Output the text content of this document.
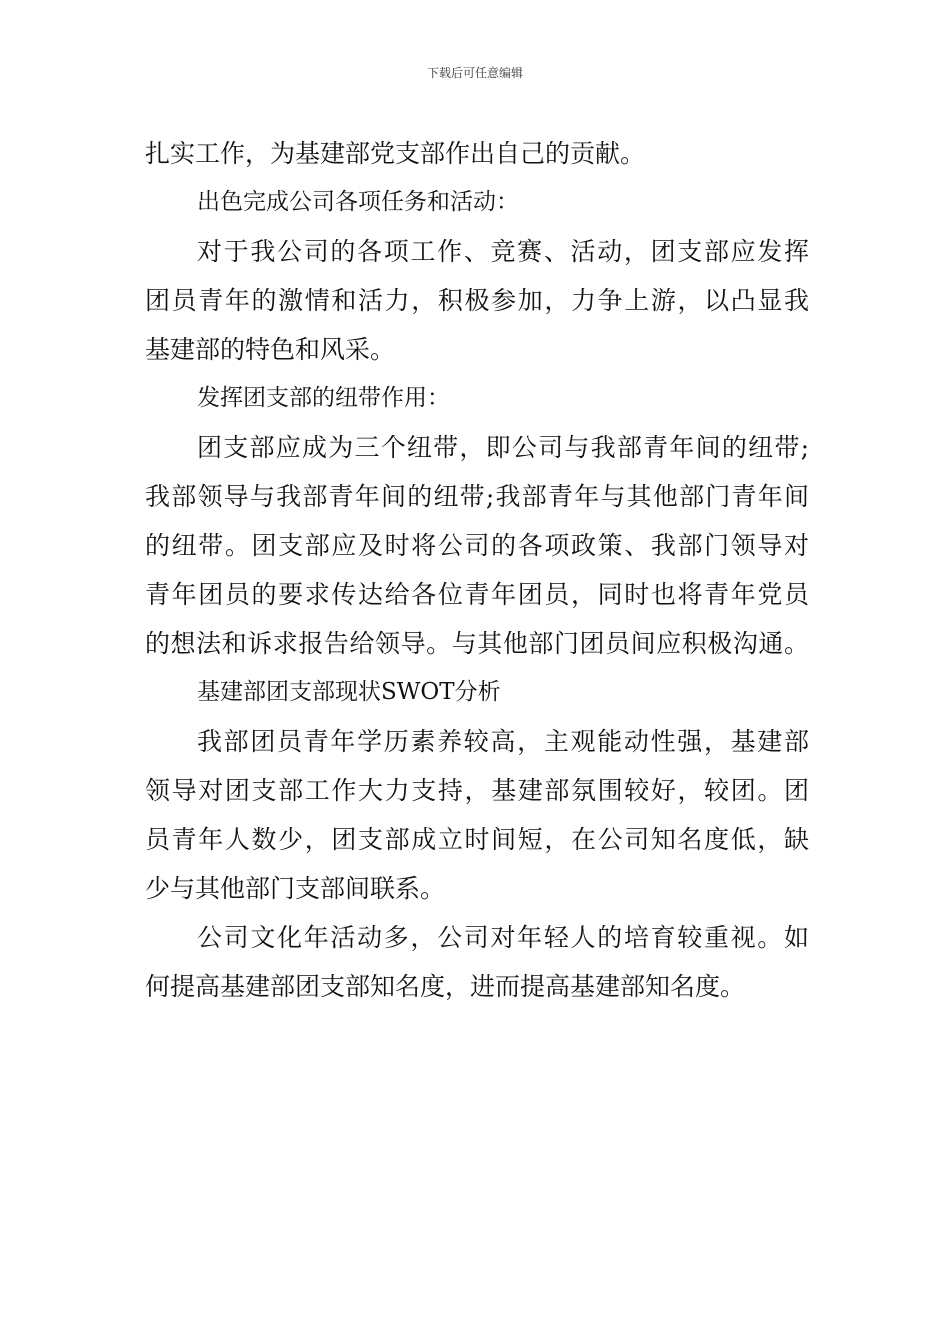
下载后可任意编辑
扎实工作，为基建部党支部作出自己的贡献。
出色完成公司各项任务和活动：
对于我公司的各项工作、竞赛、活动，团支部应发挥
团员青年的激情和活力，积极参加，力争上游，以凸显我
基建部的特色和风采。
发挥团支部的纽带作用：
团支部应成为三个纽带，即公司与我部青年间的纽带;
我部领导与我部青年间的纽带;我部青年与其他部门青年间
的纽带。团支部应及时将公司的各项政策、我部门领导对
青年团员的要求传达给各位青年团员，同时也将青年党员
的想法和诉求报告给领导。与其他部门团员间应积极沟通。
基建部团支部现状SWOT分析
我部团员青年学历素养较高，主观能动性强，基建部
领导对团支部工作大力支持，基建部氛围较好，较团。团
员青年人数少，团支部成立时间短，在公司知名度低，缺
少与其他部门支部间联系。
公司文化年活动多，公司对年轻人的培育较重视。如
何提高基建部团支部知名度，进而提高基建部知名度。
